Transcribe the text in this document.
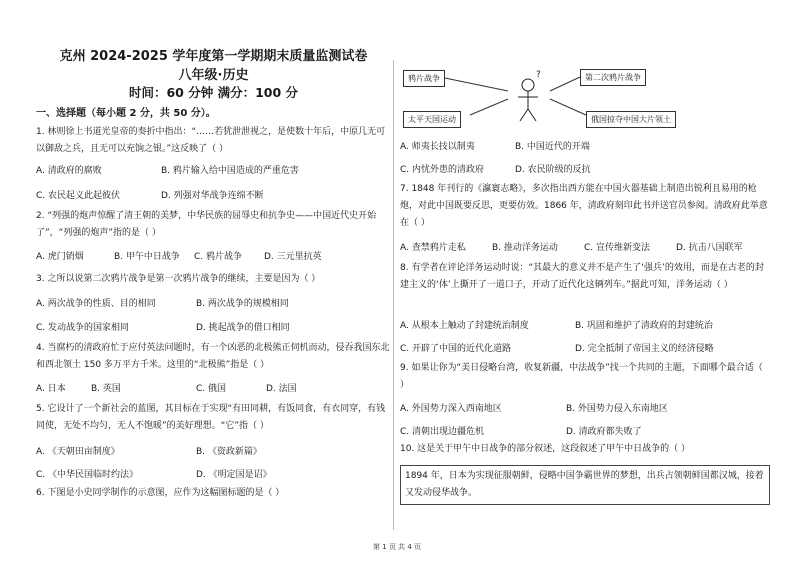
克州 2024-2025 学年度第一学期期末质量监测试卷
八年级·历史
时间：60 分钟 满分：100 分
一、选择题（每小题 2 分，共 50 分）。
1. 林则徐上书道光皇帝的奏折中指出：“……若犹泄泄视之，是使数十年后，中原几无可以御敌之兵，且无可以充饷之银。”这反映了（ ）
A. 清政府的腐败	B. 鸦片输入给中国造成的严重危害
C. 农民起义此起彼伏	D. 列强对华战争连绵不断
2. “列强的炮声惊醒了清王朝的美梦，中华民族的屈辱史和抗争史——中国近代史开始了”，“列强的炮声”指的是（ ）
A. 虎门销烟	B. 甲午中日战争 C. 鸦片战争 D. 三元里抗英
3. 之所以说第二次鸦片战争是第一次鸦片战争的继续，主要是因为（ ）
A. 两次战争的性质、目的相同	B. 两次战争的规模相同
C. 发动战争的国家相同	D. 挑起战争的借口相同
4. 当腐朽的清政府忙于应付英法问题时，有一个凶恶的北极熊正伺机而动，侵吞我国东北和西北领土 150 多万平方千米。这里的“北极熊”指是（ ）
A. 日本	B. 英国	C. 俄国	D. 法国
5. 它设计了一个新社会的蓝图，其目标在于实现“有田同耕，有饭同食，有衣同穿，有钱同使，无处不均匀，无人不饱暖”的美好理想。“它”指（ ）
A. 《天朝田亩制度》	B. 《资政新篇》
C. 《中华民国临时约法》	D. 《明定国是诏》
6. 下图是小史同学制作的示意图，应作为这幅图标题的是（ ）
?
鸦片战争	第二次鸦片战争
太平天国运动	俄国掠夺中国大片领土
A. 师夷长技以制夷	B. 中国近代的开端
C. 内忧外患的清政府	D. 农民阶级的反抗
7. 1848 年刊行的《瀛寰志略》，多次指出西方能在中国火器基础上制造出锐利且易用的枪炮，对此中国既要反思，更要仿效。1866 年，清政府刻印此书并送官员参阅。清政府此举意在（ ）
A. 查禁鸦片走私	B. 推动洋务运动	C. 宣传维新变法	D. 抗击八国联军
8. 有学者在评论洋务运动时说：“其最大的意义并不是产生了‘强兵’的效用，而是在古老的封建主义的‘体’上撕开了一道口子，开动了近代化这辆列车。”据此可知，洋务运动（ ）
A. 从根本上触动了封建统治制度	B. 巩固和维护了清政府的封建统治
C. 开辟了中国的近代化道路	D. 完全抵制了帝国主义的经济侵略
9. 如果让你为“美日侵略台湾，收复新疆，中法战争”找一个共同的主题，下面哪个最合适（ ）
A. 外国势力深入西南地区	B. 外国势力侵入东南地区
C. 清朝出现边疆危机	D. 清政府都失败了
10. 这是关于甲午中日战争的部分叙述，这段叙述了甲午中日战争的（ ）
1894 年，日本为实现征服朝鲜，侵略中国争霸世界的梦想，出兵占领朝鲜国都汉城，接着又发动侵华战争。
第 1 页 共 4 页
